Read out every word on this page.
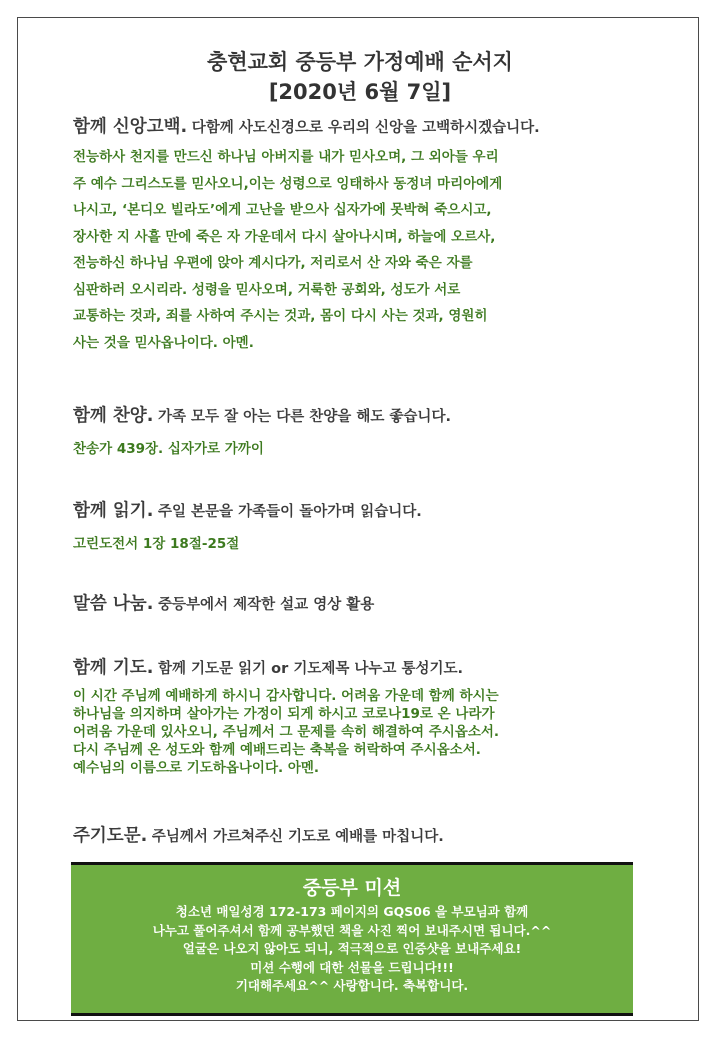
충현교회 중등부 가정예배 순서지
[2020년 6월 7일]
함께 신앙고백. 다함께 사도신경으로 우리의 신앙을 고백하시겠습니다.
전능하사 천지를 만드신 하나님 아버지를 내가 믿사오며, 그 외아들 우리
주 예수 그리스도를 믿사오니,이는 성령으로 잉태하사 동정녀 마리아에게
나시고, ‘본디오 빌라도’에게 고난을 받으사 십자가에 못박혀 죽으시고,
장사한 지 사흘 만에 죽은 자 가운데서 다시 살아나시며, 하늘에 오르사,
전능하신 하나님 우편에 앉아 계시다가, 저리로서 산 자와 죽은 자를
심판하러 오시리라. 성령을 믿사오며, 거룩한 공회와, 성도가 서로
교통하는 것과, 죄를 사하여 주시는 것과, 몸이 다시 사는 것과, 영원히
사는 것을 믿사옵나이다. 아멘.
함께 찬양. 가족 모두 잘 아는 다른 찬양을 해도 좋습니다.
찬송가 439장. 십자가로 가까이
함께 읽기. 주일 본문을 가족들이 돌아가며 읽습니다.
고린도전서 1장 18절-25절
말씀 나눔. 중등부에서 제작한 설교 영상 활용
함께 기도. 함께 기도문 읽기 or 기도제목 나누고 통성기도.
이 시간 주님께 예배하게 하시니 감사합니다. 어려움 가운데 함께 하시는
하나님을 의지하며 살아가는 가정이 되게 하시고 코로나19로 온 나라가
어려움 가운데 있사오니, 주님께서 그 문제를 속히 해결하여 주시옵소서.
다시 주님께 온 성도와 함께 예배드리는 축복을 허락하여 주시옵소서.
예수님의 이름으로 기도하옵나이다. 아멘.
주기도문. 주님께서 가르쳐주신 기도로 예배를 마칩니다.
중등부 미션
청소년 매일성경 172-173 페이지의 GQS06 을 부모님과 함께
나누고 풀어주셔서 함께 공부했던 책을 사진 찍어 보내주시면 됩니다.^^
얼굴은 나오지 않아도 되니, 적극적으로 인증샷을 보내주세요!
미션 수행에 대한 선물을 드립니다!!!
기대해주세요^^ 사랑합니다. 축복합니다.
